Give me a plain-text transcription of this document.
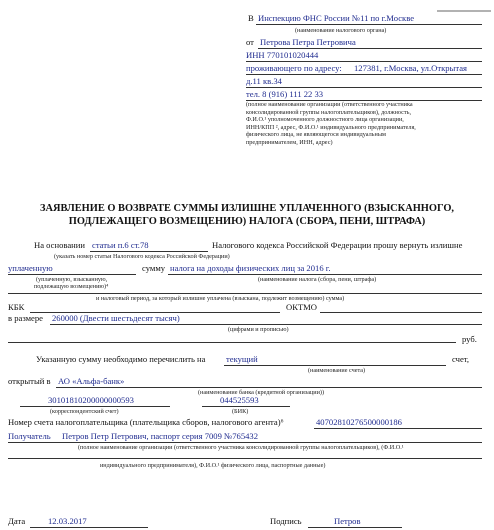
В Инспекцию ФНС России №11 по г.Москве
(наименование налогового органа)
от Петрова Петра Петровича
ИНН 770101020444
проживающего по адресу: 127381, г.Москва, ул.Открытая
д.11 кв.34
тел. 8 (916) 111 22 33
(полное наименование организации (ответственного участника
консолидированной группы налогоплательщиков), должность,
Ф.И.О.¹ уполномоченного должностного лица организации,
ИНН/КПП ², адрес, Ф.И.О.¹ индивидуального предпринимателя,
физического лица, не являющегося индивидуальным
предпринимателем, ИНН, адрес)
ЗАЯВЛЕНИЕ О ВОЗВРАТЕ СУММЫ ИЗЛИШНЕ УПЛАЧЕННОГО (ВЗЫСКАННОГО,
ПОДЛЕЖАЩЕГО ВОЗМЕЩЕНИЮ) НАЛОГА (СБОРА, ПЕНИ, ШТРАФА)
На основании статьи п.6 ст.78	Налогового кодекса Российской Федерации прошу вернуть излишне
(указать номер статьи Налогового кодекса Российской Федерации)
уплаченную	сумму налога на доходы физических лиц за 2016 г.
(уплаченную, взысканную,
подлежащую возмещению)⁴
(наименование налога (сбора, пени, штрафа)
и налоговый период, за который излишне уплачена (взыскана, подлежит возмещению) сумма)
КБК	ОКТМО
в размере 260000 (Двести шестьдесят тысяч)
(цифрами и прописью)
руб.
Указанную сумму необходимо перечислить на текущий	счет,
(наименование счета)
открытый в АО «Альфа-банк»
(наименование банка (кредитной организации))
30101810200000000593	044525593
(корреспондентский счет)	(БИК)
Номер счета налогоплательщика (плательщика сборов, налогового агента)⁶	40702810276500000186
Получатель Петров Петр Петрович, паспорт серия 7009 №765432
(полное наименование организации (ответственного участника консолидированной группы налогоплательщиков), (Ф.И.О.¹
индивидуального предпринимателя), Ф.И.О.¹ физического лица, паспортные данные)
Дата	12.03.2017	Подпись	Петров
